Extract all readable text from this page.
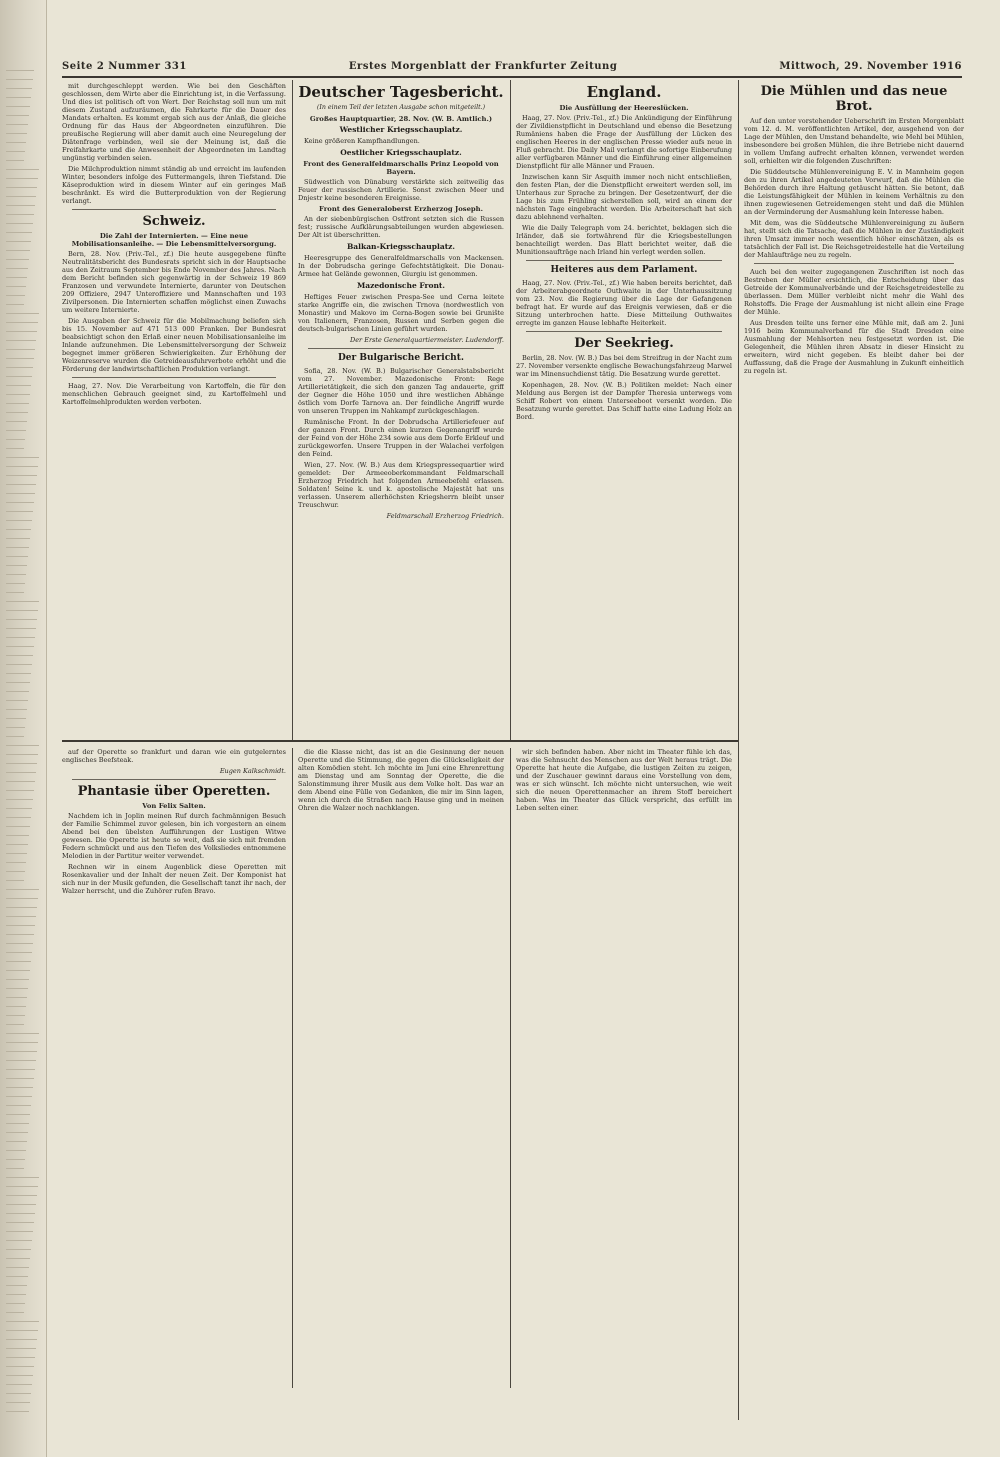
Seite 2 Nummer 331	Erstes Morgenblatt der Frankfurter Zeitung	Mittwoch, 29. November 1916

mit durchgeschleppt werden. Wie bei den Geschäften geschlossen, dem Wirte aber die Einrichtung ist, in die Verfassung. Und dies ist politisch oft von Wert. Der Reichstag soll nun um mit diesem Zustand aufzuräumen, die Fahrkarte für die Dauer des Mandats erhalten. Es kommt ergab sich aus der Anlaß, die gleiche Ordnung für das Haus der Abgeordneten einzuführen. Die preußische Regierung will aber damit auch eine Neuregelung der Diätenfrage verbinden, weil sie der Meinung ist, daß die Freifahrkarte und die Anwesenheit der Abgeordneten im Landtag ungünstig verbinden seien.

Die Milchproduktion nimmt ständig ab und erreicht im laufenden Winter, besonders infolge des Futtermangels, ihren Tiefstand. Die Käseproduktion wird in diesem Winter auf ein geringes Maß beschränkt. Es wird die Butterproduktion von der Regierung verlangt.

Schweiz.
Die Zahl der Internierten. — Eine neue Mobilisationsanleihe. — Die Lebensmittelversorgung.

Bern, 28. Nov. (Priv.-Tel., zf.) Die heute ausgegebene fünfte Neutralitätsbericht des Bundesrats spricht sich in der Hauptsache aus den Zeitraum September bis Ende November des Jahres. Nach dem Bericht befinden sich gegenwärtig in der Schweiz 19 869 Franzosen und verwundete Internierte, darunter von Deutschen 209 Offiziere, 2947 Unteroffiziere und Mannschaften und 193 Zivilpersonen. Die Internierten schaffen möglichst einen Zuwachs um weitere Internierte.

Die Ausgaben der Schweiz für die Mobilmachung beliefen sich bis 15. November auf 471 513 000 Franken. Der Bundesrat beabsichtigt schon den Erlaß einer neuen Mobilisationsanleihe im Inlande aufzunehmen. Die Lebensmittelversorgung der Schweiz begegnet immer größeren Schwierigkeiten. Zur Erhöhung der Weizenreserve wurden die Getreideausfuhrverbote erhöht und die Förderung der landwirtschaftlichen Produktion verlangt.

Haag, 27. Nov. Die Verarbeitung von Kartoffeln, die für den menschlichen Gebrauch geeignet sind, zu Kartoffelmehl und Kartoffelmehlprodukten werden verboten.

Deutscher Tagesbericht.
(In einem Teil der letzten Ausgabe schon mitgeteilt.)
Großes Hauptquartier, 28. Nov. (W. B. Amtlich.)
Westlicher Kriegsschauplatz.

Keine größeren Kampfhandlungen.

Oestlicher Kriegsschauplatz.
Front des Generalfeldmarschalls Prinz Leopold von Bayern.

Südwestlich von Dünaburg verstärkte sich zeitweilig das Feuer der russischen Artillerie. Sonst zwischen Meer und Dnjestr keine besonderen Ereignisse.

Front des Generaloberst Erzherzog Joseph.

An der siebenbürgischen Ostfront setzten sich die Russen fest; russische Aufklärungsabteilungen wurden abgewiesen. Der Alt ist überschritten.

Balkan-Kriegsschauplatz.

Heeresgruppe des Generalfeldmarschalls von Mackensen. In der Dobrudscha geringe Gefechtstätigkeit. Die Donau-Armee hat Gelände gewonnen, Giurgiu ist genommen.

Mazedonische Front.

Heftiges Feuer zwischen Prespa-See und Cerna leitete starke Angriffe ein, die zwischen Trnova (nordwestlich von Monastir) und Makovo im Cerna-Bogen sowie bei Grunište von Italienern, Franzosen, Russen und Serben gegen die deutsch-bulgarischen Linien geführt wurden.

Der Erste Generalquartiermeister. Ludendorff.
Der Bulgarische Bericht.

Sofia, 28. Nov. (W. B.) Bulgarischer Generalstabsbericht vom 27. November. Mazedonische Front: Rege Artillerietätigkeit, die sich den ganzen Tag andauerte, griff der Gegner die Höhe 1050 und ihre westlichen Abhänge östlich vom Dorfe Tarnova an. Der feindliche Angriff wurde von unseren Truppen im Nahkampf zurückgeschlagen.

Rumänische Front. In der Dobrudscha Artilleriefeuer auf der ganzen Front. Durch einen kurzen Gegenangriff wurde der Feind von der Höhe 234 sowie aus dem Dorfe Erkleuf und zurückgeworfen. Unsere Truppen in der Walachei verfolgen den Feind.

Wien, 27. Nov. (W. B.) Aus dem Kriegspressequartier wird gemeldet: Der Armeeoberkommandant Feldmarschall Erzherzog Friedrich hat folgenden Armeebefehl erlassen. Soldaten! Seine k. und k. apostolische Majestät hat uns verlassen. Unserem allerhöchsten Kriegsherrn bleibt unser Treuschwur.

Feldmarschall Erzherzog Friedrich.
England.
Die Ausfüllung der Heereslücken.

Haag, 27. Nov. (Priv.-Tel., zf.) Die Ankündigung der Einführung der Zivildienstpflicht in Deutschland und ebenso die Besetzung Rumäniens haben die Frage der Ausfüllung der Lücken des englischen Heeres in der englischen Presse wieder aufs neue in Fluß gebracht. Die Daily Mail verlangt die sofortige Einberufung aller verfügbaren Männer und die Einführung einer allgemeinen Dienstpflicht für alle Männer und Frauen.

Inzwischen kann Sir Asquith immer noch nicht entschließen, den festen Plan, der die Dienstpflicht erweitert werden soll, im Unterhaus zur Sprache zu bringen. Der Gesetzentwurf, der die Lage bis zum Frühling sicherstellen soll, wird an einem der nächsten Tage eingebracht werden. Die Arbeiterschaft hat sich dazu ablehnend verhalten.

Wie die Daily Telegraph vom 24. berichtet, beklagen sich die Irländer, daß sie fortwährend für die Kriegsbestellungen benachteiligt werden. Das Blatt berichtet weiter, daß die Munitionsaufträge nach Irland hin verlegt werden sollen.

Heiteres aus dem Parlament.

Haag, 27. Nov. (Priv.-Tel., zf.) Wie haben bereits berichtet, daß der Arbeiterabgeordnete Outhwaite in der Unterhaussitzung vom 23. Nov. die Regierung über die Lage der Gefangenen befragt hat. Er wurde auf das Ereignis verwiesen, daß er die Sitzung unterbrochen hatte. Diese Mitteilung Outhwaites erregte im ganzen Hause lebhafte Heiterkeit.

Der Seekrieg.

Berlin, 28. Nov. (W. B.) Das bei dem Streifzug in der Nacht zum 27. November versenkte englische Bewachungsfahrzeug Marwel war im Minensuchdienst tätig. Die Besatzung wurde gerettet.

Kopenhagen, 28. Nov. (W. B.) Politiken meldet: Nach einer Meldung aus Bergen ist der Dampfer Theresia unterwegs vom Schiff Robert von einem Unterseeboot versenkt worden. Die Besatzung wurde gerettet. Das Schiff hatte eine Ladung Holz an Bord.

Die Mühlen und das neue Brot.

Auf den unter vorstehender Ueberschrift im Ersten Morgenblatt vom 12. d. M. veröffentlichten Artikel, der, ausgehend von der Lage der Mühlen, den Umstand behandelte, wie Mehl bei Mühlen, insbesondere bei großen Mühlen, die ihre Betriebe nicht dauernd in vollem Umfang aufrecht erhalten können, verwendet werden soll, erhielten wir die folgenden Zuschriften:

Die Süddeutsche Mühlenvereinigung E. V. in Mannheim gegen den zu ihren Artikel angedeuteten Vorwurf, daß die Mühlen die Behörden durch ihre Haltung getäuscht hätten. Sie betont, daß die Leistungsfähigkeit der Mühlen in keinem Verhältnis zu den ihnen zugewiesenen Getreidemengen steht und daß die Mühlen an der Verminderung der Ausmahlung kein Interesse haben.

Mit dem, was die Süddeutsche Mühlenvereinigung zu äußern hat, stellt sich die Tatsache, daß die Mühlen in der Zuständigkeit ihren Umsatz immer noch wesentlich höher einschätzen, als es tatsächlich der Fall ist. Die Reichsgetreidestelle hat die Verteilung der Mahlaufträge neu zu regeln.

Auch bei den weiter zugegangenen Zuschriften ist noch das Bestreben der Müller ersichtlich, die Entscheidung über das Getreide der Kommunalverbände und der Reichsgetreidestelle zu überlassen. Dem Müller verbleibt nicht mehr die Wahl des Rohstoffs. Die Frage der Ausmahlung ist nicht allein eine Frage der Mühle.

Aus Dresden teilte uns ferner eine Mühle mit, daß am 2. Juni 1916 beim Kommunalverband für die Stadt Dresden eine Ausmahlung der Mehlsorten neu festgesetzt worden ist. Die Gelegenheit, die Mühlen ihren Absatz in dieser Hinsicht zu erweitern, wird nicht gegeben. Es bleibt daher bei der Auffassung, daß die Frage der Ausmahlung in Zukunft einheitlich zu regeln ist.

auf der Operette so frankfurt und daran wie ein gutgelerntes englisches Beefsteak.

Eugen Kalkschmidt.
Phantasie über Operetten.
Von Felix Salten.

Nachdem ich in Joplin meinen Ruf durch fachmännigen Besuch der Familie Schimmel zuvor gelesen, bin ich vorgestern an einem Abend bei den übelsten Aufführungen der Lustigen Witwe gewesen. Die Operette ist heute so weit, daß sie sich mit fremden Federn schmückt und aus den Tiefen des Volksliedes entnommene Melodien in der Partitur weiter verwendet.

Rechnen wir in einem Augenblick diese Operetten mit Rosenkavalier und der Inhalt der neuen Zeit. Der Komponist hat sich nur in der Musik gefunden, die Gesellschaft tanzt ihr nach, der Walzer herrscht, und die Zuhörer rufen Bravo.

die die Klasse nicht, das ist an die Gesinnung der neuen Operette und die Stimmung, die gegen die Glückseligkeit der alten Komödien steht. Ich möchte im Juni eine Ehrenrettung am Dienstag und am Sonntag der Operette, die die Salonstimmung ihrer Musik aus dem Volke holt. Das war an dem Abend eine Fülle von Gedanken, die mir im Sinn lagen, wenn ich durch die Straßen nach Hause ging und in meinen Ohren die Walzer noch nachklangen.

wir sich befinden haben. Aber nicht im Theater fühle ich das, was die Sehnsucht des Menschen aus der Welt heraus trägt. Die Operette hat heute die Aufgabe, die lustigen Zeiten zu zeigen, und der Zuschauer gewinnt daraus eine Vorstellung von dem, was er sich wünscht. Ich möchte nicht untersuchen, wie weit sich die neuen Operettenmacher an ihrem Stoff bereichert haben. Was im Theater das Glück verspricht, das erfüllt im Leben selten einer.
